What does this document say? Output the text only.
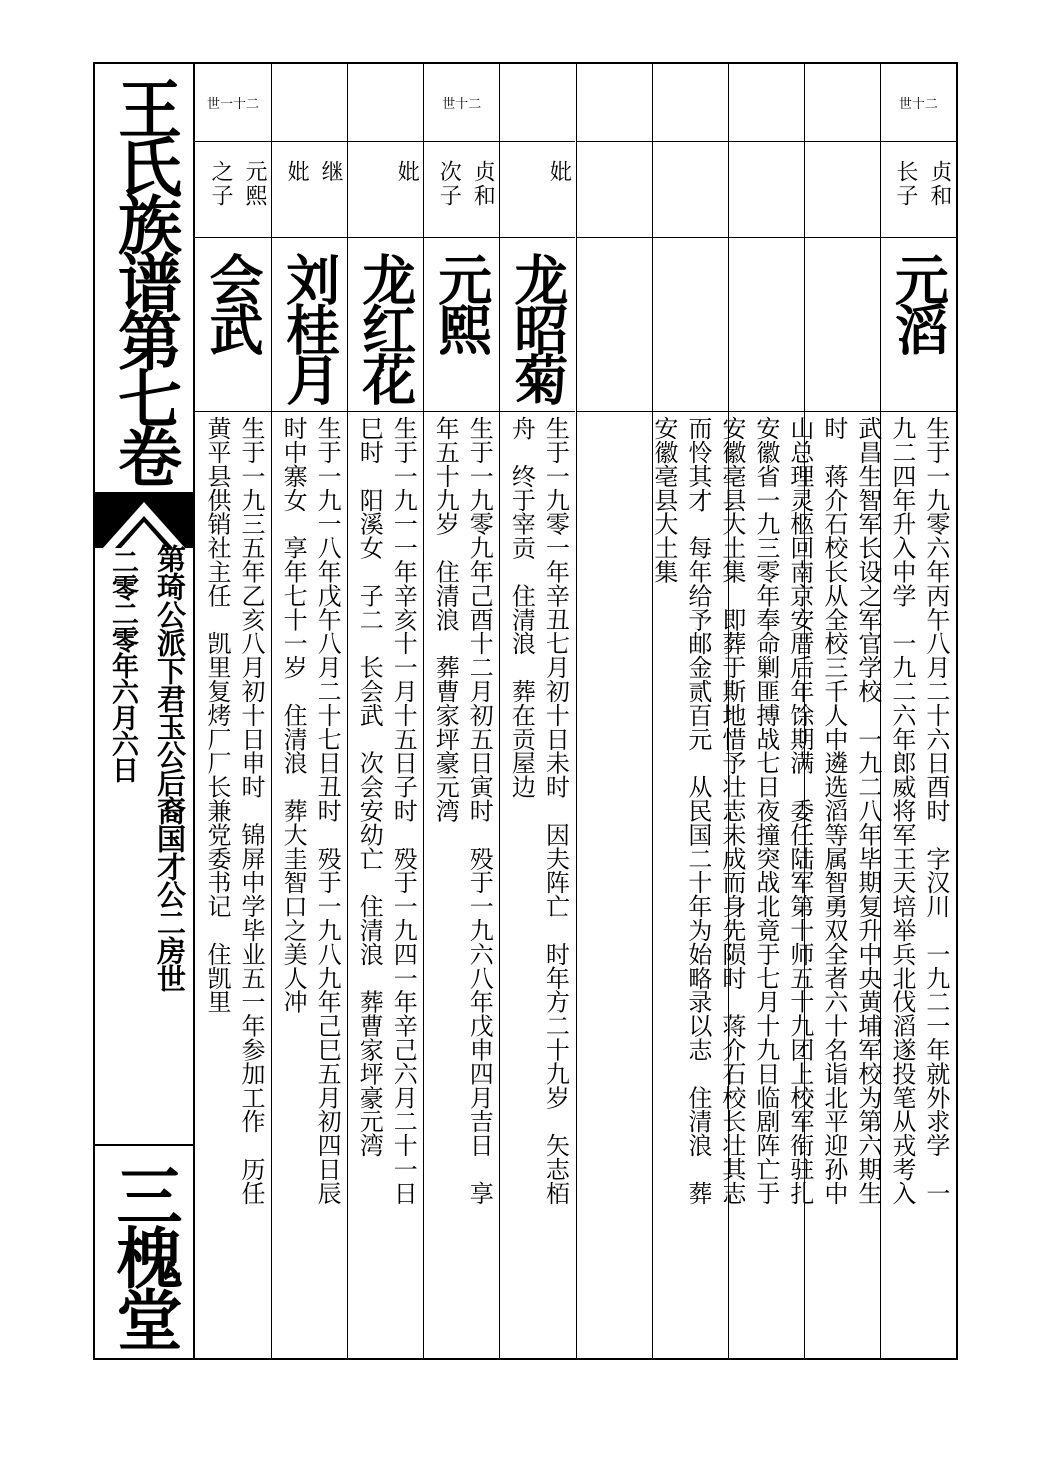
王氏族谱第七卷
第琦公派下君玉公后裔国才公二房世
二零二零年六月六日
三槐堂
世十二
贞和
长子
元滔
生于一九零六年丙午八月二十六日酉时　字汉川　一九二一年就外求学　一
九二四年升入中学　一九二六年郎威将军王天培举兵北伐滔遂投笔从戎考入
武昌生智军长设之军官学校　一九二八年毕期复升中央黄埔军校为第六期生
时　蒋介石校长从全校三千人中遴选滔等属智勇双全者六十名诣北平迎孙中
山总理灵柩回南京安厝后年馀期满　委任陆军第十师五十九团上校军衔驻扎
安徽省一九三零年奉命剿匪搏战七日夜撞突战北竟于七月十九日临剧阵亡于
安徽亳县大土集　即葬于斯地惜予壮志未成而身先陨时　蒋介石校长壮其志
而怜其才　每年给予邮金贰百元　从民国二十年为始略录以志　住清浪　葬
安徽亳县大土集
妣
龙昭菊
生于一九零一年辛丑七月初十日未时　因夫阵亡　时年方二十九岁　矢志栢
舟　终于宰贡　住清浪　葬在贡屋边
世十二
贞和
次子
元熙
生于一九零九年己酉十二月初五日寅时　殁于一九六八年戊申四月吉日　享
年五十九岁　住清浪　葬曹家坪豪元湾
妣
龙红花
生于一九一一年辛亥十一月十五日子时　殁于一九四一年辛己六月二十一日
巳时　阳溪女　子二　长会武　次会安幼亡　住清浪　葬曹家坪豪元湾
继
妣
刘桂月
生于一九一八年戊午八月二十七日丑时　殁于一九八九年己巳五月初四日辰
时中寨女　享年七十一岁　住清浪　葬大圭智口之美人冲
世一十二
元熙
之子
会武
生于一九三五年乙亥八月初十日申时　锦屏中学毕业五一年参加工作　历任
黄平县供销社主任　凯里复烤厂厂长兼党委书记　住凯里
